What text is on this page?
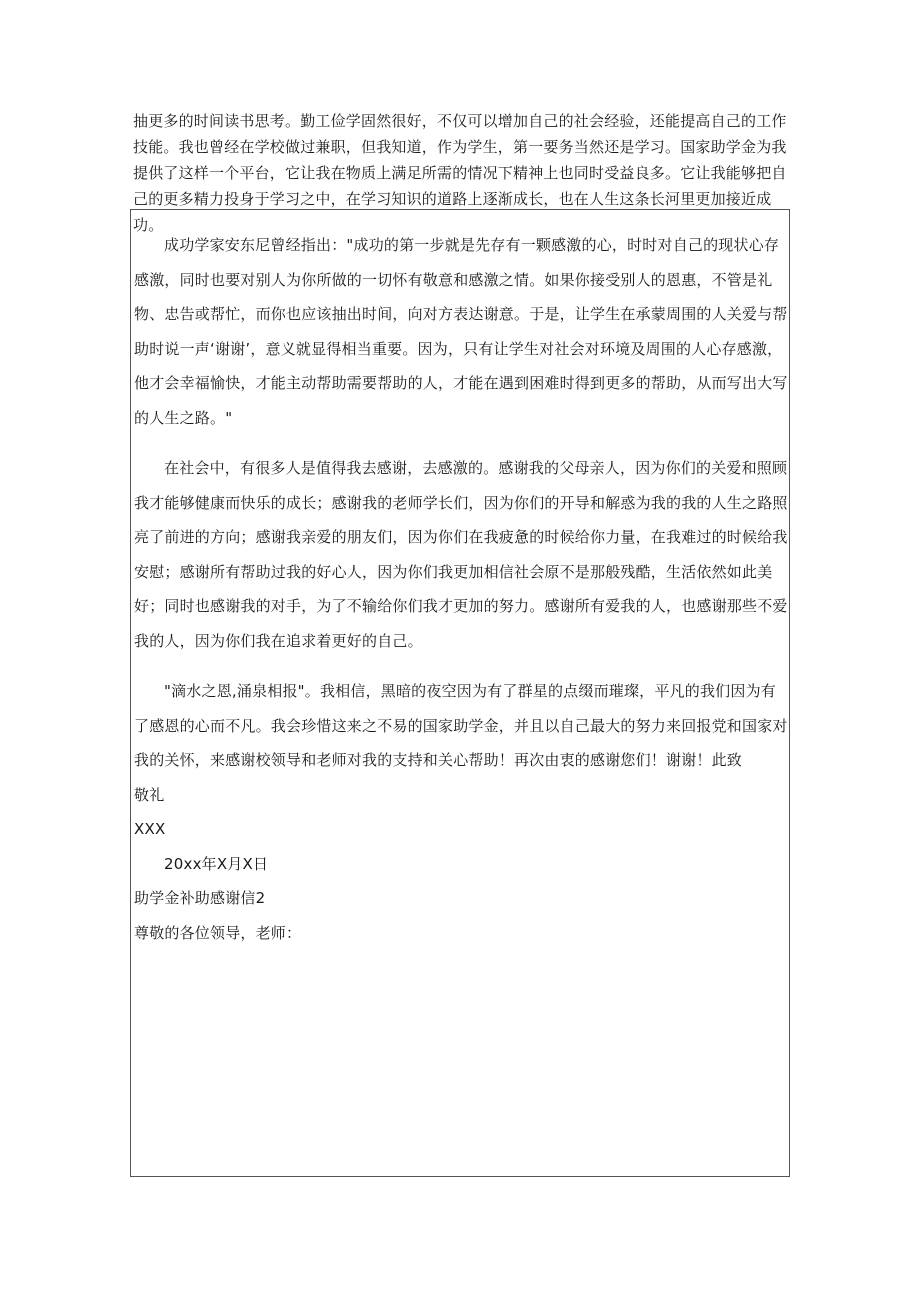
抽更多的时间读书思考。勤工俭学固然很好，不仅可以增加自己的社会经验，还能提高自己的工作技能。我也曾经在学校做过兼职，但我知道，作为学生，第一要务当然还是学习。国家助学金为我提供了这样一个平台，它让我在物质上满足所需的情况下精神上也同时受益良多。它让我能够把自己的更多精力投身于学习之中，在学习知识的道路上逐渐成长，也在人生这条长河里更加接近成功。

成功学家安东尼曾经指出："成功的第一步就是先存有一颗感激的心，时时对自己的现状心存感激，同时也要对别人为你所做的一切怀有敬意和感激之情。如果你接受别人的恩惠，不管是礼物、忠告或帮忙，而你也应该抽出时间，向对方表达谢意。于是，让学生在承蒙周围的人关爱与帮助时说一声‘谢谢’，意义就显得相当重要。因为，只有让学生对社会对环境及周围的人心存感激，他才会幸福愉快，才能主动帮助需要帮助的人，才能在遇到困难时得到更多的帮助，从而写出大写的人生之路。"

在社会中，有很多人是值得我去感谢，去感激的。感谢我的父母亲人，因为你们的关爱和照顾我才能够健康而快乐的成长；感谢我的老师学长们，因为你们的开导和解惑为我的我的人生之路照亮了前进的方向；感谢我亲爱的朋友们，因为你们在我疲惫的时候给你力量，在我难过的时候给我安慰；感谢所有帮助过我的好心人，因为你们我更加相信社会原不是那般残酷，生活依然如此美好；同时也感谢我的对手，为了不输给你们我才更加的努力。感谢所有爱我的人，也感谢那些不爱我的人，因为你们我在追求着更好的自己。

"滴水之恩,涌泉相报"。我相信，黑暗的夜空因为有了群星的点缀而璀璨，平凡的我们因为有了感恩的心而不凡。我会珍惜这来之不易的国家助学金，并且以自己最大的努力来回报党和国家对我的关怀，来感谢校领导和老师对我的支持和关心帮助！再次由衷的感谢您们！谢谢！此致

敬礼

XXX

20xx年X月X日

助学金补助感谢信2

尊敬的各位领导，老师：
